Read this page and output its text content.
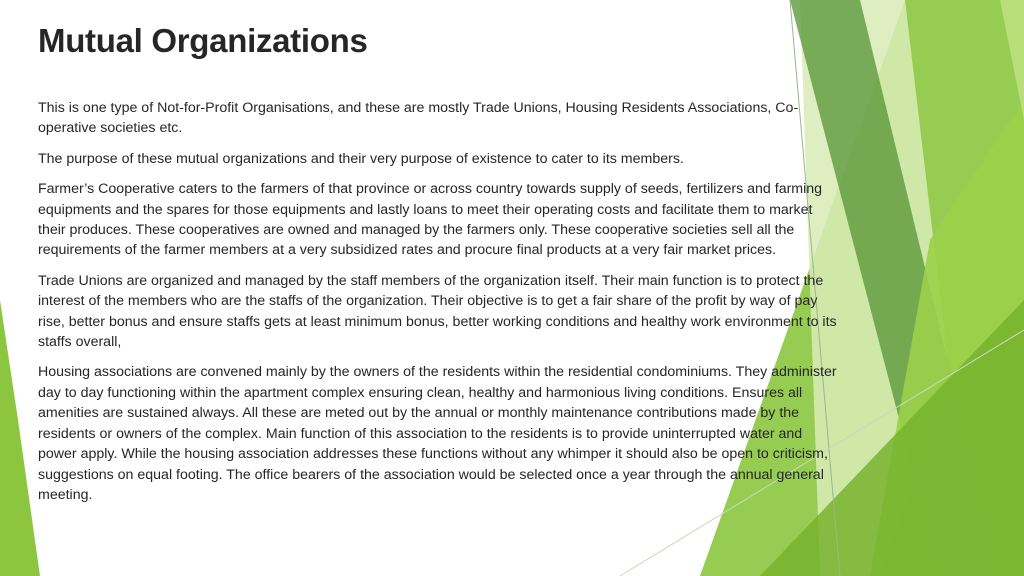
Mutual Organizations

This is one type of Not-for-Profit Organisations, and these are mostly Trade Unions, Housing Residents Associations, Co-operative societies etc.

The purpose of these mutual organizations and their very purpose of existence to cater to its members.

Farmer’s Cooperative caters to the farmers of that province or across country towards supply of seeds, fertilizers and farming equipments and the spares for those equipments and lastly loans to meet their operating costs and facilitate them to market their produces. These cooperatives are owned and managed by the farmers only. These cooperative societies sell all the requirements of the farmer members at a very subsidized rates and procure final products at a very fair market prices.

Trade Unions are organized and managed by the staff members of the organization itself. Their main function is to protect the interest of the members who are the staffs of the organization. Their objective is to get a fair share of the profit by way of pay rise, better bonus and ensure staffs gets at least minimum bonus, better working conditions and healthy work environment to its staffs overall,

Housing associations are convened mainly by the owners of the residents within the residential condominiums. They administer day to day functioning within the apartment complex ensuring clean, healthy and harmonious living conditions. Ensures all amenities are sustained always. All these are meted out by the annual or monthly maintenance contributions made by the residents or owners of the complex. Main function of this association to the residents is to provide uninterrupted water and power apply. While the housing association addresses these functions without any whimper it should also be open to criticism, suggestions on equal footing. The office bearers of the association would be selected once a year through the annual general meeting.
